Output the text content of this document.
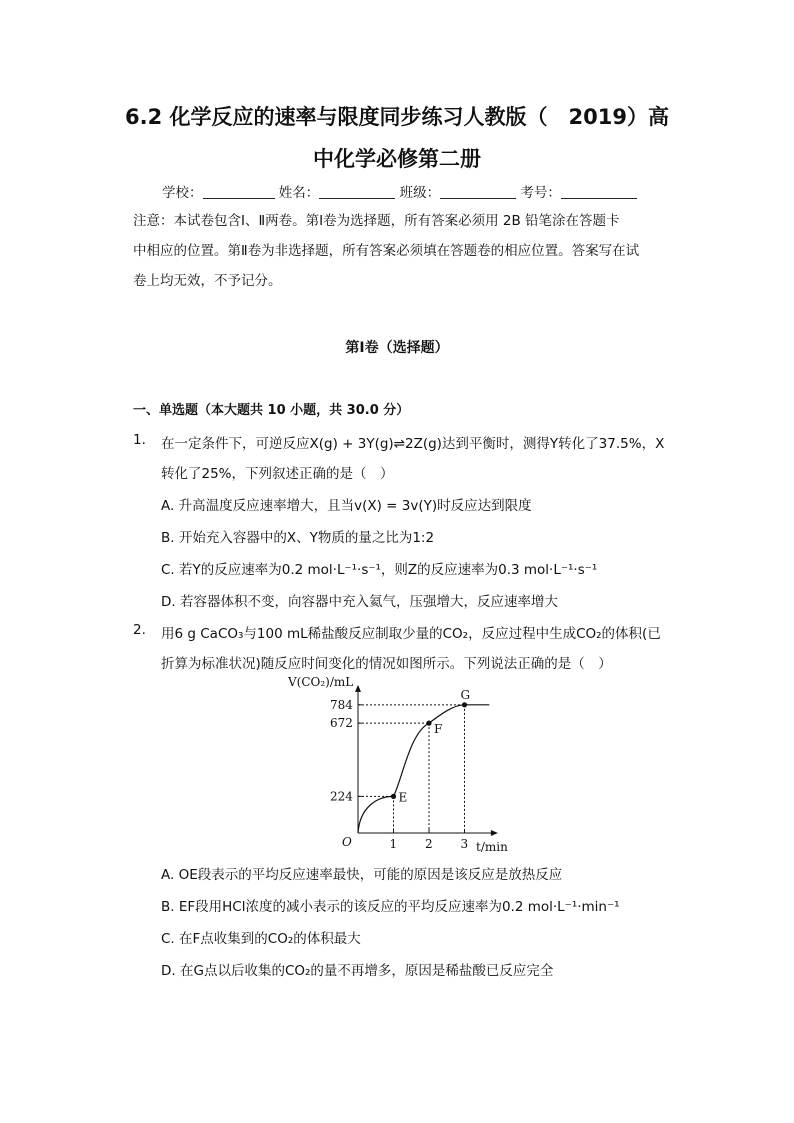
6.2 化学反应的速率与限度同步练习人教版（　2019）高
中化学必修第二册
学校：	姓名：	班级：	考号：
注意：本试卷包含Ⅰ、Ⅱ两卷。第Ⅰ卷为选择题，所有答案必须用 2B 铅笔涂在答题卡
中相应的位置。第Ⅱ卷为非选择题，所有答案必须填在答题卷的相应位置。答案写在试
卷上均无效，不予记分。
第Ⅰ卷（选择题）
一、单选题（本大题共 10 小题，共 30.0 分）
1. 在一定条件下，可逆反应X(g) + 3Y(g)⇌2Z(g)达到平衡时，测得Y转化了37.5%，X
转化了25%，下列叙述正确的是（　）
A. 升高温度反应速率增大，且当v(X) = 3v(Y)时反应达到限度
B. 开始充入容器中的X、Y物质的量之比为1:2
C. 若Y的反应速率为0.2 mol·L⁻¹·s⁻¹，则Z的反应速率为0.3 mol·L⁻¹·s⁻¹
D. 若容器体积不变，向容器中充入氦气，压强增大，反应速率增大
2. 用6 g CaCO₃与100 mL稀盐酸反应制取少量的CO₂，反应过程中生成CO₂的体积(已
折算为标准状况)随反应时间变化的情况如图所示。下列说法正确的是（　）
V(CO₂)/mL
t/min
O	1 2 3
224
672
784
E
F
G
A. OE段表示的平均反应速率最快，可能的原因是该反应是放热反应
B. EF段用HCl浓度的减小表示的该反应的平均反应速率为0.2 mol·L⁻¹·min⁻¹
C. 在F点收集到的CO₂的体积最大
D. 在G点以后收集的CO₂的量不再增多，原因是稀盐酸已反应完全
